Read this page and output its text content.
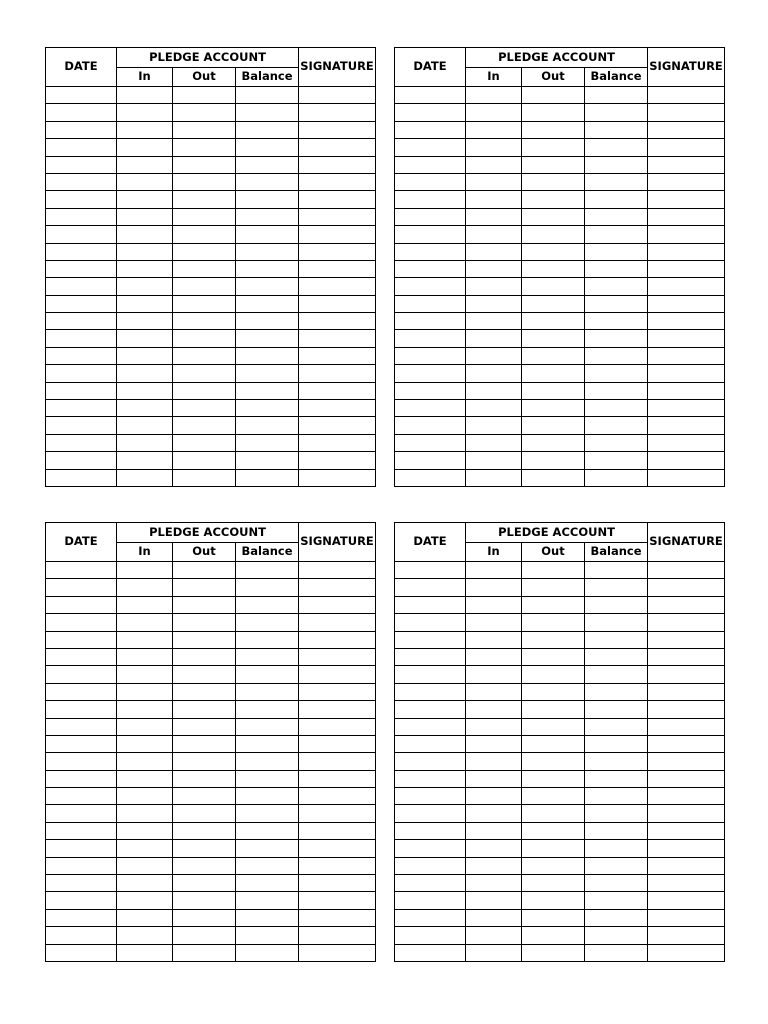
DATE	PLEDGE ACCOUNT			SIGNATURE
	In	Out	Balance	

DATE	PLEDGE ACCOUNT			SIGNATURE
	In	Out	Balance	

DATE	PLEDGE ACCOUNT			SIGNATURE
	In	Out	Balance	

DATE	PLEDGE ACCOUNT			SIGNATURE
	In	Out	Balance	
